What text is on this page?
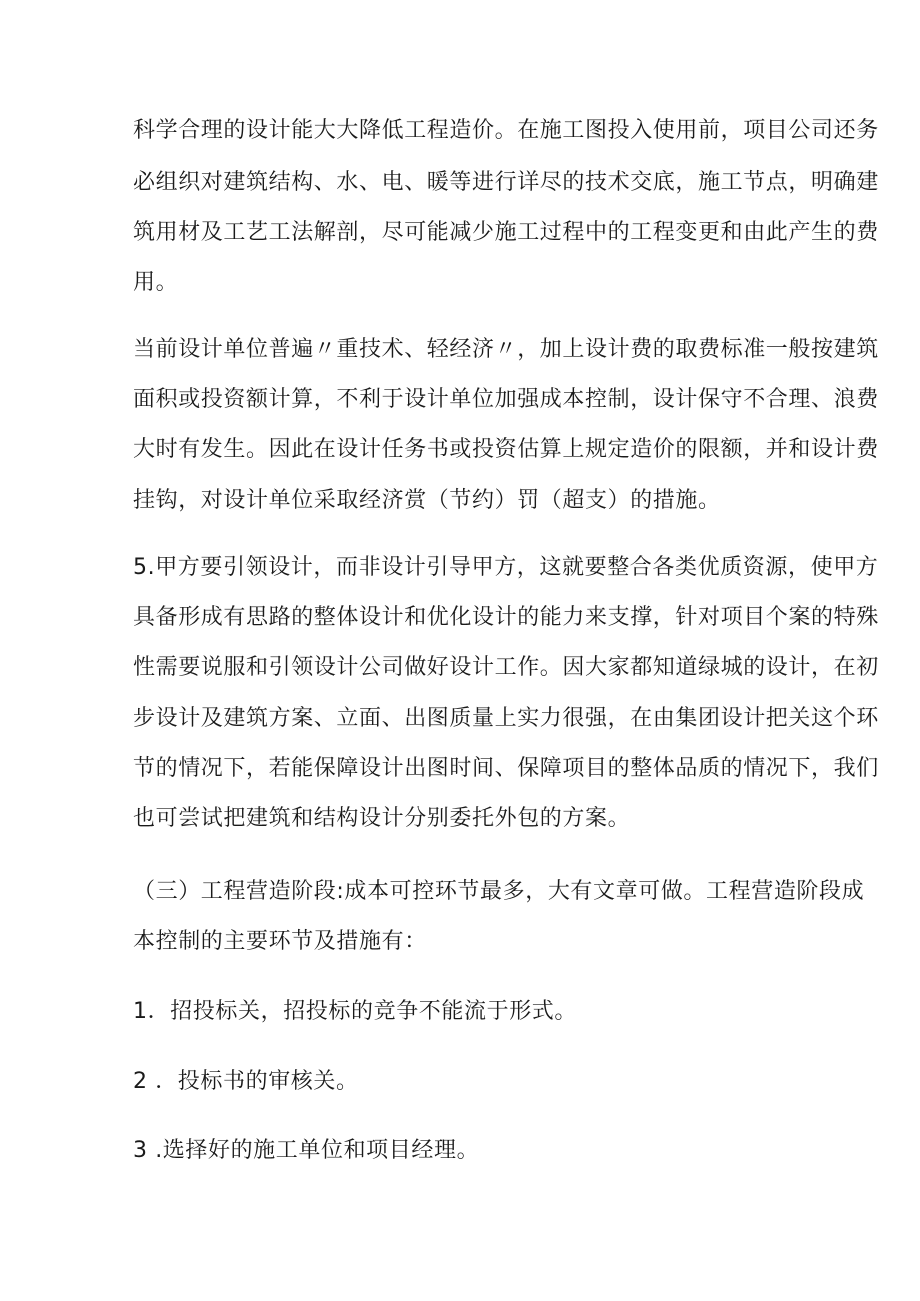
科学合理的设计能大大降低工程造价。在施工图投入使用前，项目公司还务
必组织对建筑结构、水、电、暖等进行详尽的技术交底，施工节点，明确建
筑用材及工艺工法解剖，尽可能减少施工过程中的工程变更和由此产生的费
用。
当前设计单位普遍〃重技术、轻经济〃，加上设计费的取费标准一般按建筑
面积或投资额计算，不利于设计单位加强成本控制，设计保守不合理、浪费
大时有发生。因此在设计任务书或投资估算上规定造价的限额，并和设计费
挂钩，对设计单位采取经济赏（节约）罚（超支）的措施。
5.甲方要引领设计，而非设计引导甲方，这就要整合各类优质资源，使甲方
具备形成有思路的整体设计和优化设计的能力来支撑，针对项目个案的特殊
性需要说服和引领设计公司做好设计工作。因大家都知道绿城的设计，在初
步设计及建筑方案、立面、出图质量上实力很强，在由集团设计把关这个环
节的情况下，若能保障设计出图时间、保障项目的整体品质的情况下，我们
也可尝试把建筑和结构设计分别委托外包的方案。
（三）工程营造阶段:成本可控环节最多，大有文章可做。工程营造阶段成
本控制的主要环节及措施有：
1．招投标关，招投标的竞争不能流于形式。
2 ．投标书的审核关。
3 .选择好的施工单位和项目经理。
